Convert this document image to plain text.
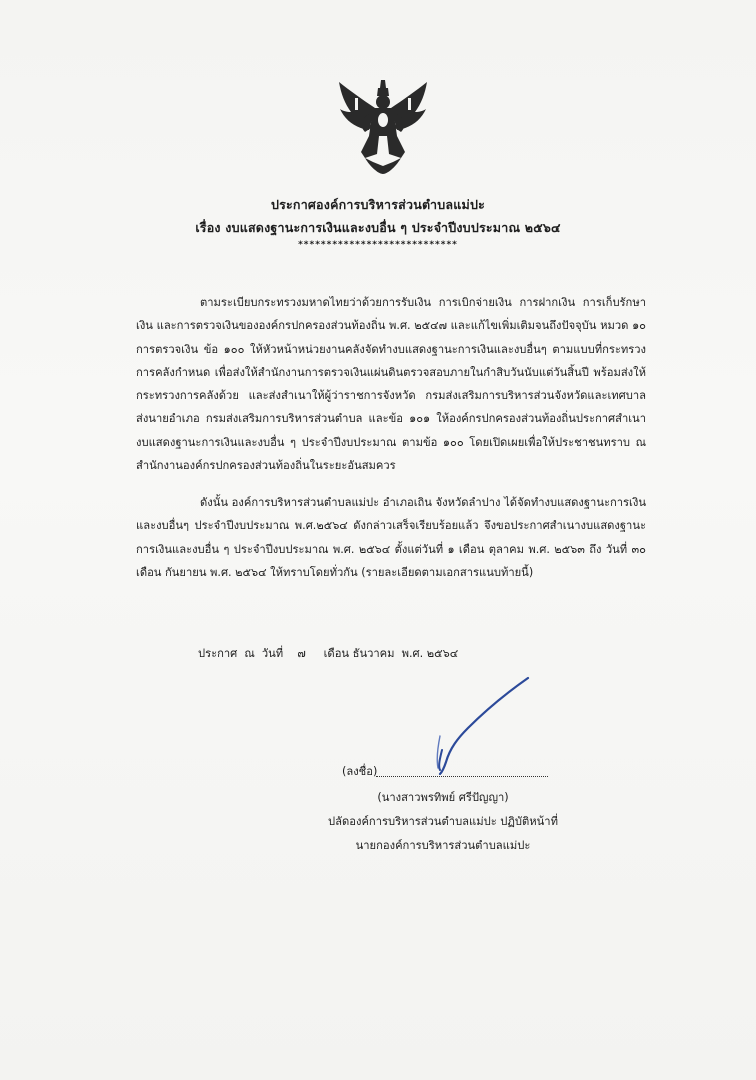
ประกาศองค์การบริหารส่วนตำบลแม่ปะ
เรื่อง งบแสดงฐานะการเงินและงบอื่น ๆ ประจำปีงบประมาณ ๒๕๖๔
****************************
ตามระเบียบกระทรวงมหาดไทยว่าด้วยการรับเงิน การเบิกจ่ายเงิน การฝากเงิน การเก็บรักษาเงิน และการตรวจเงินขององค์กรปกครองส่วนท้องถิ่น พ.ศ. ๒๕๔๗ และแก้ไขเพิ่มเติมจนถึงปัจจุบัน หมวด ๑๐ การตรวจเงิน ข้อ ๑๐๐ ให้หัวหน้าหน่วยงานคลังจัดทำงบแสดงฐานะการเงินและงบอื่นๆ ตามแบบที่กระทรวงการคลังกำหนด เพื่อส่งให้สำนักงานการตรวจเงินแผ่นดินตรวจสอบภายในกำสิบวันนับแต่วันสิ้นปี พร้อมส่งให้กระทรวงการคลังด้วย และส่งสำเนาให้ผู้ว่าราชการจังหวัด กรมส่งเสริมการบริหารส่วนจังหวัดและเทศบาล ส่งนายอำเภอ กรมส่งเสริมการบริหารส่วนตำบล และข้อ ๑๐๑ ให้องค์กรปกครองส่วนท้องถิ่นประกาศสำเนางบแสดงฐานะการเงินและงบอื่น ๆ ประจำปีงบประมาณ ตามข้อ ๑๐๐ โดยเปิดเผยเพื่อให้ประชาชนทราบ ณ สำนักงานองค์กรปกครองส่วนท้องถิ่นในระยะอันสมควร
ดังนั้น องค์การบริหารส่วนตำบลแม่ปะ อำเภอเถิน จังหวัดลำปาง ได้จัดทำงบแสดงฐานะการเงิน และงบอื่นๆ ประจำปีงบประมาณ พ.ศ.๒๕๖๔ ดังกล่าวเสร็จเรียบร้อยแล้ว จึงขอประกาศสำเนางบแสดงฐานะการเงินและงบอื่น ๆ ประจำปีงบประมาณ พ.ศ. ๒๕๖๔ ตั้งแต่วันที่ ๑ เดือน ตุลาคม พ.ศ. ๒๕๖๓ ถึง วันที่ ๓๐ เดือน กันยายน พ.ศ. ๒๕๖๔ ให้ทราบโดยทั่วกัน (รายละเอียดตามเอกสารแนบท้ายนี้)
ประกาศ  ณ  วันที่    ๗     เดือน ธันวาคม  พ.ศ. ๒๕๖๔
(ลงชื่อ)
(นางสาวพรทิพย์ ศรีปัญญา)
ปลัดองค์การบริหารส่วนตำบลแม่ปะ ปฏิบัติหน้าที่
นายกองค์การบริหารส่วนตำบลแม่ปะ
